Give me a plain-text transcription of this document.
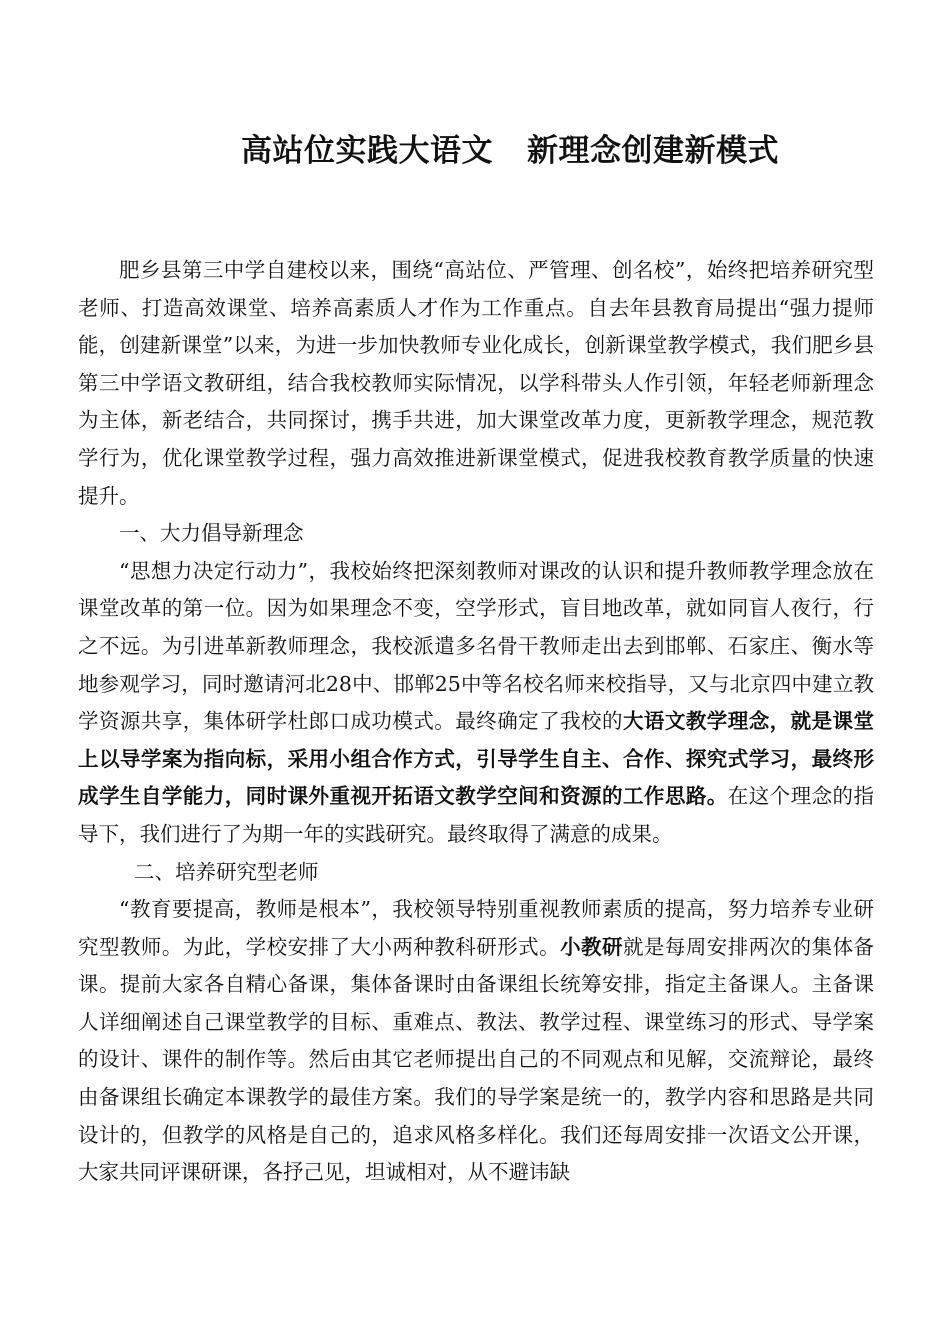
高站位实践大语文 新理念创建新模式

肥乡县第三中学自建校以来，围绕“高站位、严管理、创名校”，始终把培养研究型老师、打造高效课堂、培养高素质人才作为工作重点。自去年县教育局提出“强力提师能，创建新课堂”以来，为进一步加快教师专业化成长，创新课堂教学模式，我们肥乡县第三中学语文教研组，结合我校教师实际情况，以学科带头人作引领，年轻老师新理念为主体，新老结合，共同探讨，携手共进，加大课堂改革力度，更新教学理念，规范教学行为，优化课堂教学过程，强力高效推进新课堂模式，促进我校教育教学质量的快速提升。

一、大力倡导新理念

“思想力决定行动力”，我校始终把深刻教师对课改的认识和提升教师教学理念放在课堂改革的第一位。因为如果理念不变，空学形式，盲目地改革，就如同盲人夜行，行之不远。为引进革新教师理念，我校派遣多名骨干教师走出去到邯郸、石家庄、衡水等地参观学习，同时邀请河北28中、邯郸25中等名校名师来校指导，又与北京四中建立教学资源共享，集体研学杜郎口成功模式。最终确定了我校的大语文教学理念，就是课堂上以导学案为指向标，采用小组合作方式，引导学生自主、合作、探究式学习，最终形成学生自学能力，同时课外重视开拓语文教学空间和资源的工作思路。在这个理念的指导下，我们进行了为期一年的实践研究。最终取得了满意的成果。

二、培养研究型老师

“教育要提高，教师是根本”，我校领导特别重视教师素质的提高，努力培养专业研究型教师。为此，学校安排了大小两种教科研形式。小教研就是每周安排两次的集体备课。提前大家各自精心备课，集体备课时由备课组长统筹安排，指定主备课人。主备课人详细阐述自己课堂教学的目标、重难点、教法、教学过程、课堂练习的形式、导学案的设计、课件的制作等。然后由其它老师提出自己的不同观点和见解，交流辩论，最终由备课组长确定本课教学的最佳方案。我们的导学案是统一的，教学内容和思路是共同设计的，但教学的风格是自己的，追求风格多样化。我们还每周安排一次语文公开课，大家共同评课研课，各抒己见，坦诚相对，从不避讳缺
